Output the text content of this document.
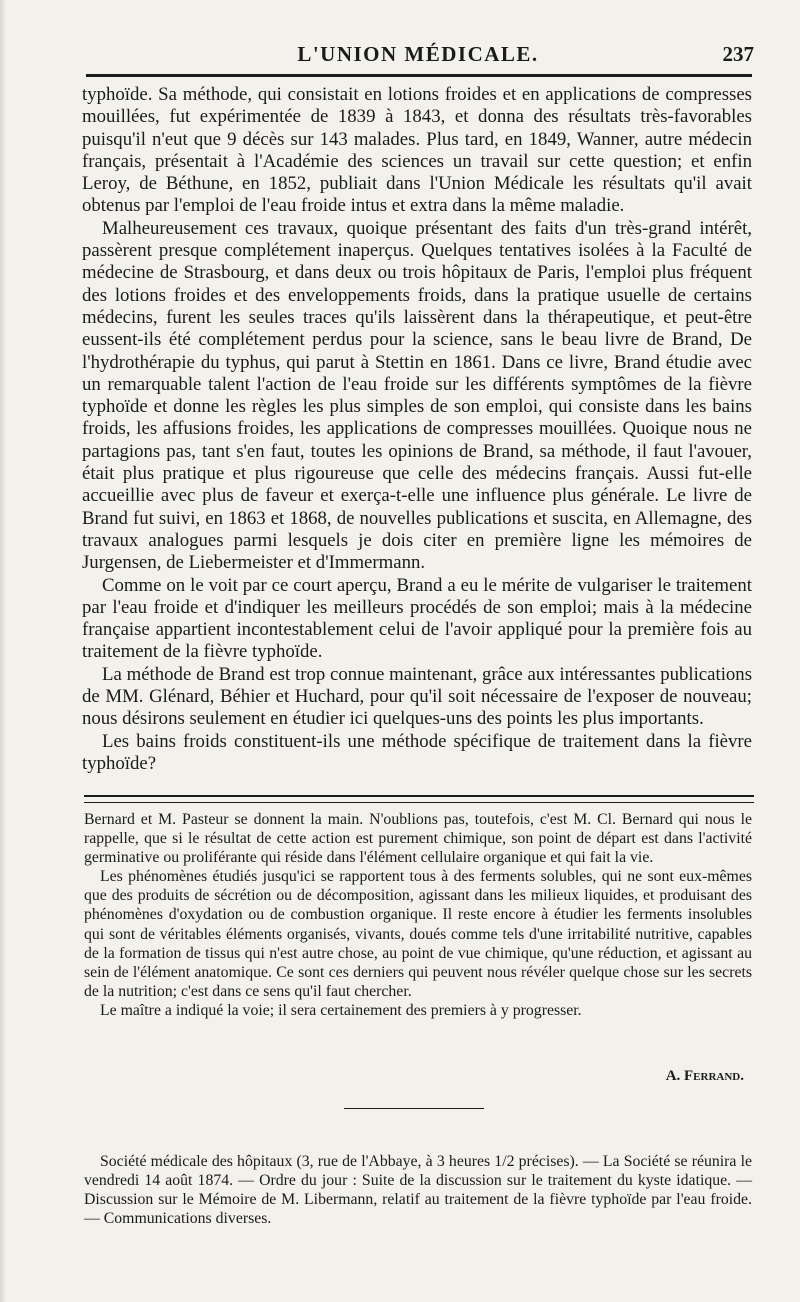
L'UNION MÉDICALE.	237

typhoïde. Sa méthode, qui consistait en lotions froides et en applications de compresses mouillées, fut expérimentée de 1839 à 1843, et donna des résultats très-favorables puisqu'il n'eut que 9 décès sur 143 malades. Plus tard, en 1849, Wanner, autre médecin français, présentait à l'Académie des sciences un travail sur cette question; et enfin Leroy, de Béthune, en 1852, publiait dans l'Union Médicale les résultats qu'il avait obtenus par l'emploi de l'eau froide intus et extra dans la même maladie.

Malheureusement ces travaux, quoique présentant des faits d'un très-grand intérêt, passèrent presque complétement inaperçus. Quelques tentatives isolées à la Faculté de médecine de Strasbourg, et dans deux ou trois hôpitaux de Paris, l'emploi plus fréquent des lotions froides et des enveloppements froids, dans la pratique usuelle de certains médecins, furent les seules traces qu'ils laissèrent dans la thérapeutique, et peut-être eussent-ils été complétement perdus pour la science, sans le beau livre de Brand, De l'hydrothérapie du typhus, qui parut à Stettin en 1861. Dans ce livre, Brand étudie avec un remarquable talent l'action de l'eau froide sur les différents symptômes de la fièvre typhoïde et donne les règles les plus simples de son emploi, qui consiste dans les bains froids, les affusions froides, les applications de compresses mouillées. Quoique nous ne partagions pas, tant s'en faut, toutes les opinions de Brand, sa méthode, il faut l'avouer, était plus pratique et plus rigoureuse que celle des médecins français. Aussi fut-elle accueillie avec plus de faveur et exerça-t-elle une influence plus générale. Le livre de Brand fut suivi, en 1863 et 1868, de nouvelles publications et suscita, en Allemagne, des travaux analogues parmi lesquels je dois citer en première ligne les mémoires de Jurgensen, de Liebermeister et d'Immermann.

Comme on le voit par ce court aperçu, Brand a eu le mérite de vulgariser le traitement par l'eau froide et d'indiquer les meilleurs procédés de son emploi; mais à la médecine française appartient incontestablement celui de l'avoir appliqué pour la première fois au traitement de la fièvre typhoïde.

La méthode de Brand est trop connue maintenant, grâce aux intéressantes publications de MM. Glénard, Béhier et Huchard, pour qu'il soit nécessaire de l'exposer de nouveau; nous désirons seulement en étudier ici quelques-uns des points les plus importants.

Les bains froids constituent-ils une méthode spécifique de traitement dans la fièvre typhoïde?

Bernard et M. Pasteur se donnent la main. N'oublions pas, toutefois, c'est M. Cl. Bernard qui nous le rappelle, que si le résultat de cette action est purement chimique, son point de départ est dans l'activité germinative ou proliférante qui réside dans l'élément cellulaire organique et qui fait la vie.

Les phénomènes étudiés jusqu'ici se rapportent tous à des ferments solubles, qui ne sont eux-mêmes que des produits de sécrétion ou de décomposition, agissant dans les milieux liquides, et produisant des phénomènes d'oxydation ou de combustion organique. Il reste encore à étudier les ferments insolubles qui sont de véritables éléments organisés, vivants, doués comme tels d'une irritabilité nutritive, capables de la formation de tissus qui n'est autre chose, au point de vue chimique, qu'une réduction, et agissant au sein de l'élément anatomique. Ce sont ces derniers qui peuvent nous révéler quelque chose sur les secrets de la nutrition; c'est dans ce sens qu'il faut chercher.

Le maître a indiqué la voie; il sera certainement des premiers à y progresser.

A. Ferrand.

Société médicale des hôpitaux (3, rue de l'Abbaye, à 3 heures 1/2 précises). — La Société se réunira le vendredi 14 août 1874. — Ordre du jour : Suite de la discussion sur le traitement du kyste idatique. — Discussion sur le Mémoire de M. Libermann, relatif au traitement de la fièvre typhoïde par l'eau froide. — Communications diverses.
